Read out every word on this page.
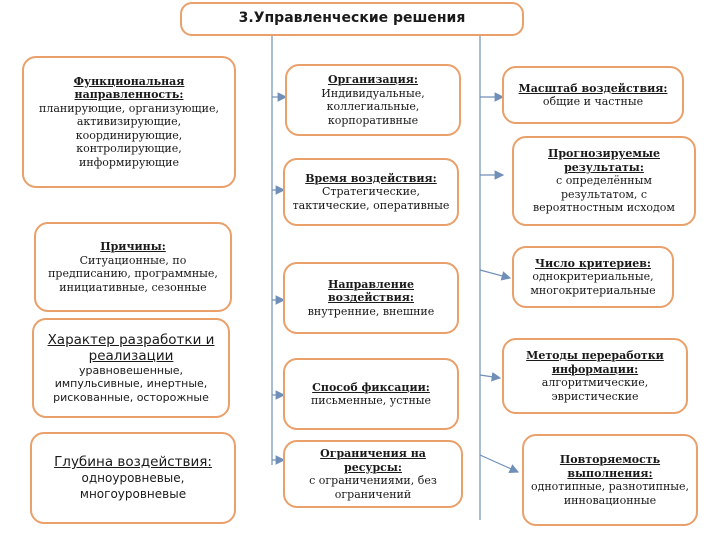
3.Управленческие решения
Функциональная направленность:
планирующие, организующие, активизирующие, координирующие, контролирующие, информирующие
Причины:
Ситуационные, по предписанию, программные, инициативные, сезонные
Характер разработки и реализации
уравновешенные, импульсивные, инертные, рискованные, осторожные
Глубина воздействия:
одноуровневые, многоуровневые
Организация:
Индивидуальные, коллегиальные, корпоративные
Время воздействия:
Стратегические, тактические, оперативные
Направление воздействия:
внутренние, внешние
Способ фиксации:
письменные, устные
Ограничения на ресурсы:
с ограничениями, без ограничений
Масштаб воздействия:
общие и частные
Прогнозируемые результаты:
с определённым результатом, с вероятностным исходом
Число критериев:
однокритериальные, многокритериальные
Методы переработки информации:
алгоритмические, эвристические
Повторяемость выполнения:
однотипные, разнотипные, инновационные
